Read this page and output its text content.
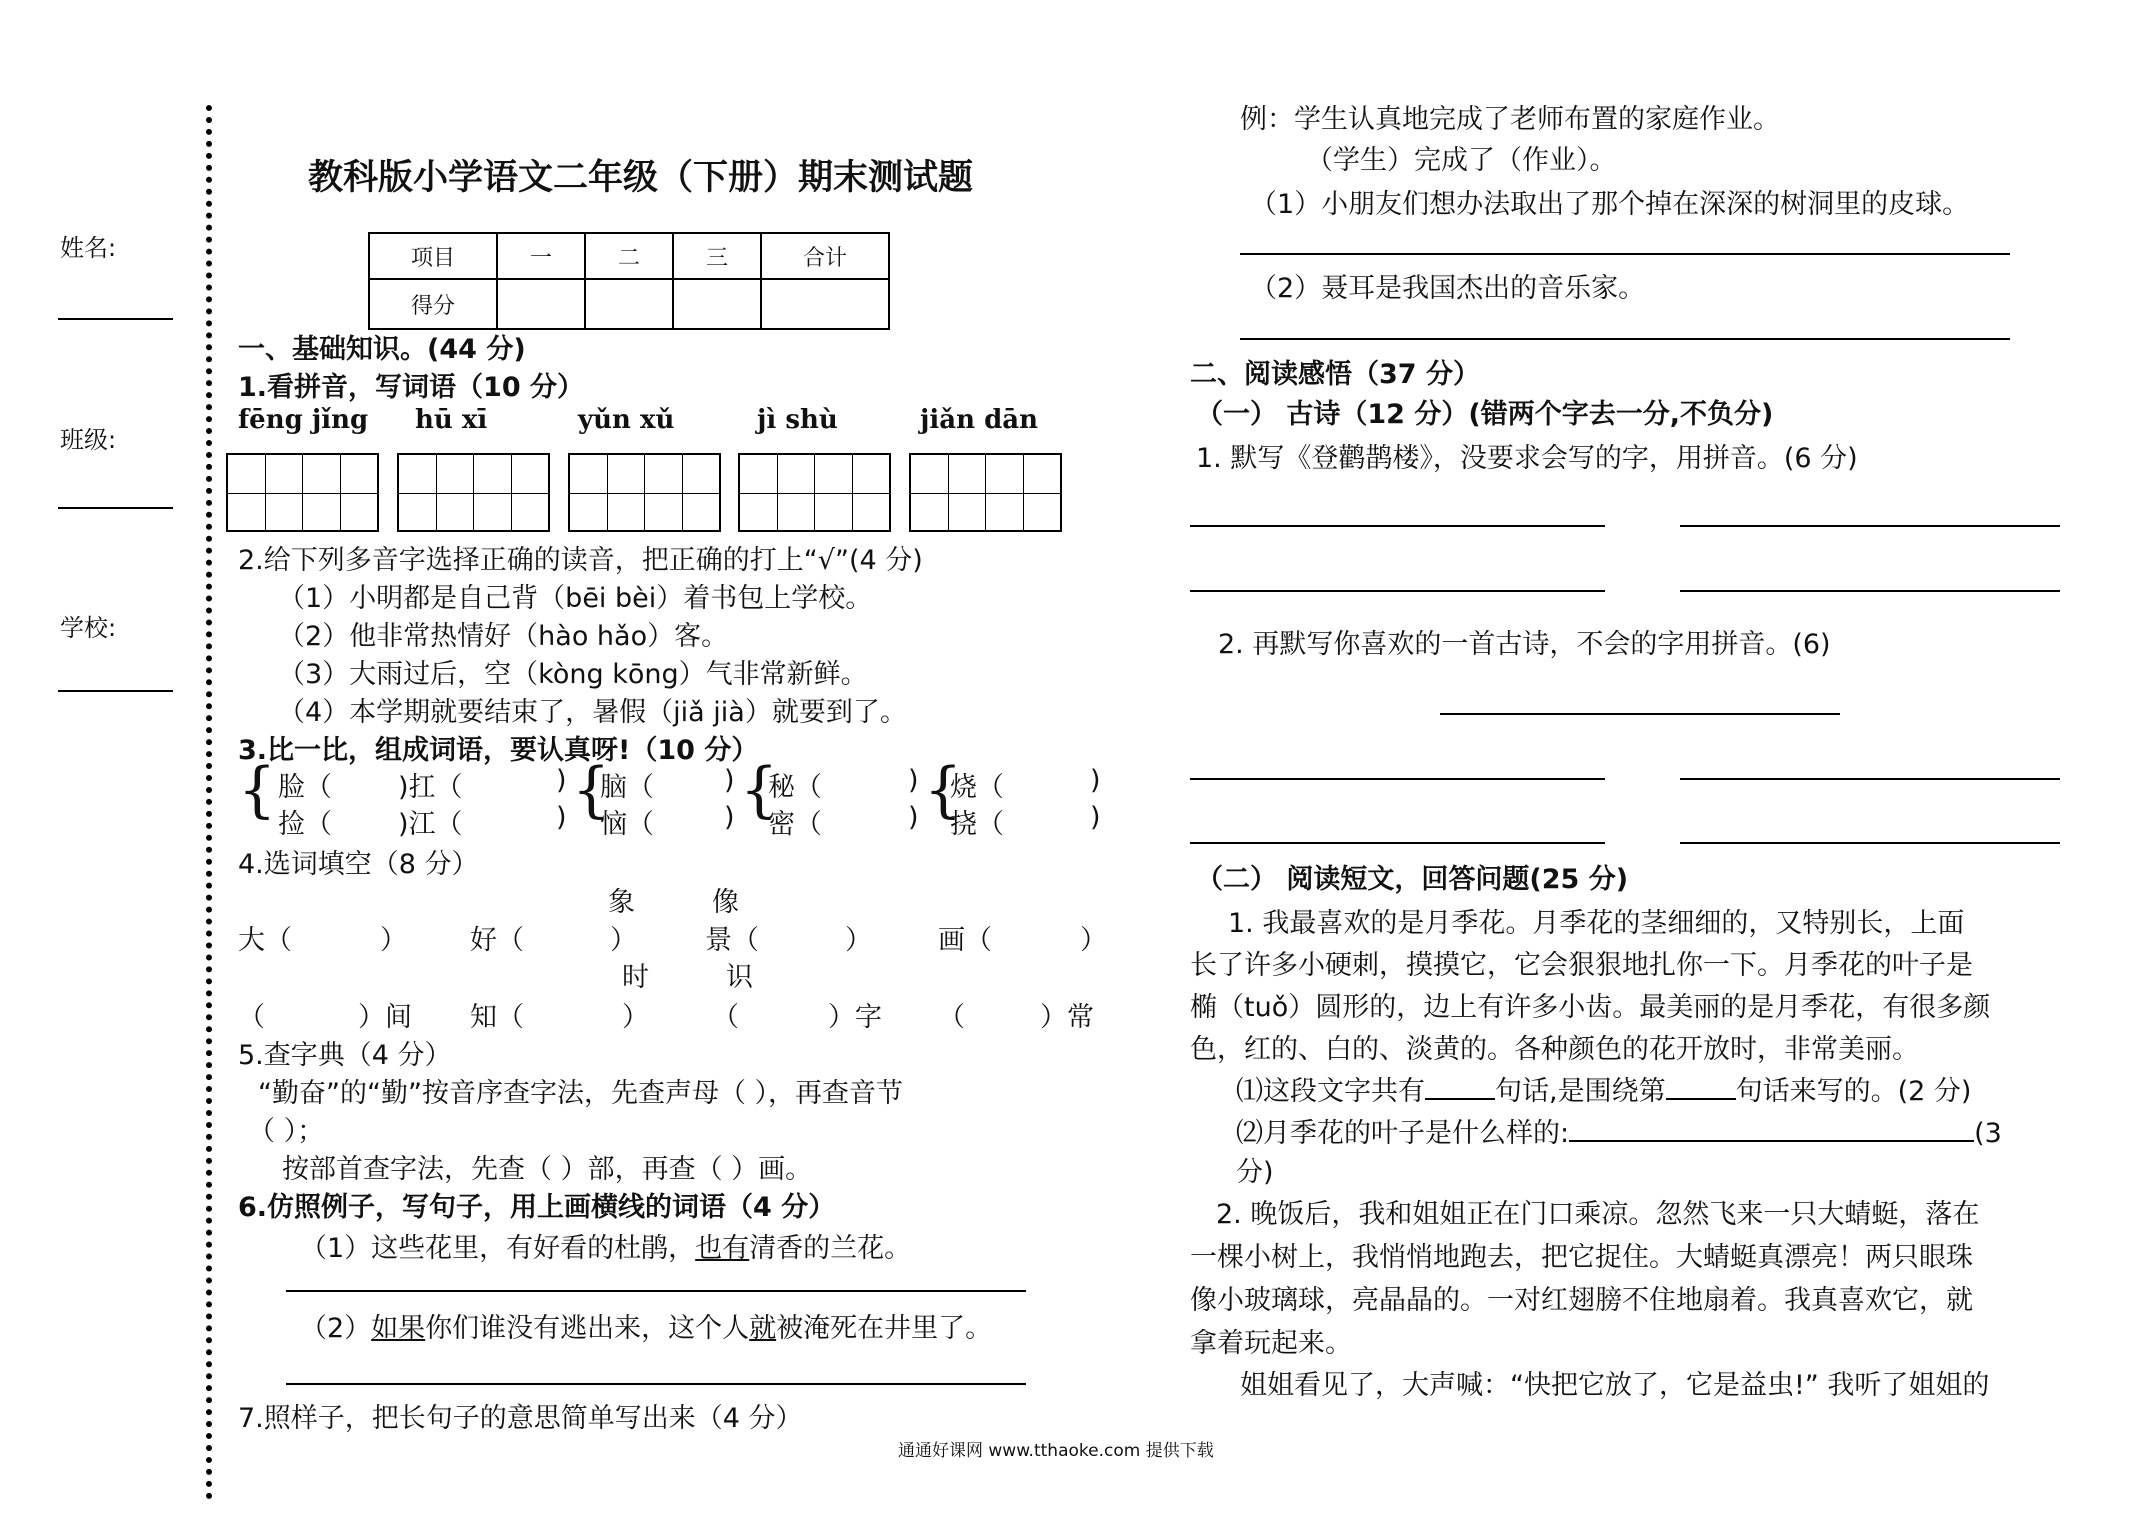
姓名:
班级:
学校:
教科版小学语文二年级（下册）期末测试题
项目	一	二	三	合计
得分				
一、基础知识。(44 分)
1.看拼音，写词语（10 分）
fēng jǐng hū xī	yǔn xǔ	jì shù	jiǎn dān
2.给下列多音字选择正确的读音，把正确的打上“√”(4 分)
（1）小明都是自己背（bēi bèi）着书包上学校。
（2）他非常热情好（hào hǎo）客。
（3）大雨过后，空（kòng kōng）气非常新鲜。
（4）本学期就要结束了，暑假（jiǎ jià）就要到了。
3.比一比，组成词语，要认真呀!（10 分）
{ 脸（
捡（
)扛（
)江（
)
) {
脑（
恼（
)
) {
秘（
密（
)
) {
烧（
挠（
)
)
4.选词填空（8 分）
象	像
大（	） 好（	）	景（	） 画（	）
时	识
（	）间 知（	） （	）字 （	）常
5.查字典（4 分）
“勤奋”的“勤”按音序查字法，先查声母（ ），再查音节
（ ）；
按部首查字法，先查（ ）部，再查（ ）画。
6.仿照例子，写句子，用上画横线的词语（4 分）
（1）这些花里，有好看的杜鹃，也有清香的兰花。
（2）如果你们谁没有逃出来，这个人就被淹死在井里了。
7.照样子，把长句子的意思简单写出来（4 分）
例：学生认真地完成了老师布置的家庭作业。
（学生）完成了（作业）。
（1）小朋友们想办法取出了那个掉在深深的树洞里的皮球。
（2）聂耳是我国杰出的音乐家。
二、阅读感悟（37 分）
（一） 古诗（12 分）(错两个字去一分,不负分)
1. 默写《登鹳鹊楼》，没要求会写的字，用拼音。(6 分)
2. 再默写你喜欢的一首古诗，不会的字用拼音。(6)
（二） 阅读短文，回答问题(25 分)
1. 我最喜欢的是月季花。月季花的茎细细的，又特别长，上面
长了许多小硬刺，摸摸它，它会狠狠地扎你一下。月季花的叶子是
椭（tuǒ）圆形的，边上有许多小齿。最美丽的是月季花，有很多颜
色，红的、白的、淡黄的。各种颜色的花开放时，非常美丽。
⑴这段文字共有	句话,是围绕第	句话来写的。(2 分)
⑵月季花的叶子是什么样的:	(3
分)
2. 晚饭后，我和姐姐正在门口乘凉。忽然飞来一只大蜻蜓，落在
一棵小树上，我悄悄地跑去，把它捉住。大蜻蜓真漂亮！两只眼珠
像小玻璃球，亮晶晶的。一对红翅膀不住地扇着。我真喜欢它，就
拿着玩起来。
姐姐看见了，大声喊：“快把它放了，它是益虫!” 我听了姐姐的
通通好课网 www.tthaoke.com 提供下载
